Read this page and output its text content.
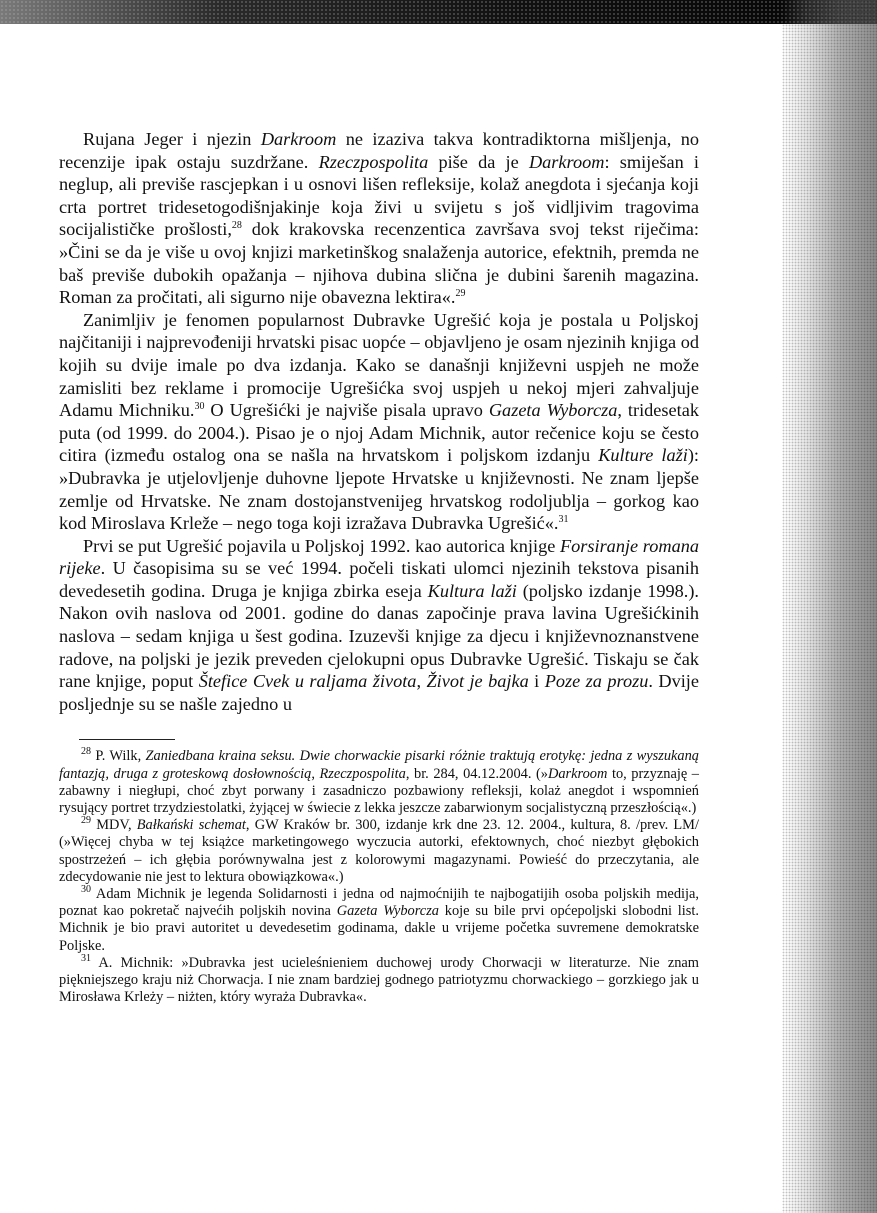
Rujana Jeger i njezin Darkroom ne izaziva takva kontradiktorna mišljenja, no recenzije ipak ostaju suzdržane. Rzeczpospolita piše da je Darkroom: smiješan i neglup, ali previše rascjepkan i u osnovi lišen refleksije, kolaž anegdota i sjećanja koji crta portret tridesetogodišnjakinje koja živi u svijetu s još vidljivim tragovima socijalističke prošlosti,$^{28}$ dok krakovska recenzentica završava svoj tekst riječima: »Čini se da je više u ovoj knjizi marketinškog snalaženja autorice, efektnih, premda ne baš previše dubokih opažanja – njihova dubina slična je dubini šarenih magazina. Roman za pročitati, ali sigurno nije obavezna lektira«.$^{29}$

Zanimljiv je fenomen popularnost Dubravke Ugrešić koja je postala u Poljskoj najčitaniji i najprevođeniji hrvatski pisac uopće – objavljeno je osam njezinih knjiga od kojih su dvije imale po dva izdanja. Kako se današnji književni uspjeh ne može zamisliti bez reklame i promocije Ugrešićka svoj uspjeh u nekoj mjeri zahvaljuje Adamu Michniku.$^{30}$ O Ugrešićki je najviše pisala upravo Gazeta Wyborcza, tridesetak puta (od 1999. do 2004.). Pisao je o njoj Adam Michnik, autor rečenice koju se često citira (između ostalog ona se našla na hrvatskom i poljskom izdanju Kulture laži): »Dubravka je utjelovljenje duhovne ljepote Hrvatske u književnosti. Ne znam ljepše zemlje od Hrvatske. Ne znam dostojanstvenijeg hrvatskog rodoljublja – gorkog kao kod Miroslava Krleže – nego toga koji izražava Dubravka Ugrešić«.$^{31}$

Prvi se put Ugrešić pojavila u Poljskoj 1992. kao autorica knjige Forsiranje romana rijeke. U časopisima su se već 1994. počeli tiskati ulomci njezinih tekstova pisanih devedesetih godina. Druga je knjiga zbirka eseja Kultura laži (poljsko izdanje 1998.). Nakon ovih naslova od 2001. godine do danas započinje prava lavina Ugrešićkinih naslova – sedam knjiga u šest godina. Izuzevši knjige za djecu i književnoznanstvene radove, na poljski je jezik preveden cjelokupni opus Dubravke Ugrešić. Tiskaju se čak rane knjige, poput Štefice Cvek u raljama života, Život je bajka i Poze za prozu. Dvije posljednje su se našle zajedno u

$^{28}$ P. Wilk, Zaniedbana kraina seksu. Dwie chorwackie pisarki różnie traktują erotykę: jedna z wyszukaną fantazją, druga z groteskową dosłownością, Rzeczpospolita, br. 284, 04.12.2004. (»Darkroom to, przyznaję – zabawny i niegłupi, choć zbyt porwany i zasadniczo pozbawiony refleksji, kolaż anegdot i wspomnień rysujący portret trzydziestolatki, żyjącej w świecie z lekka jeszcze zabarwionym socjalistyczną przeszłością«.)

$^{29}$ MDV, Bałkański schemat, GW Kraków br. 300, izdanje krk dne 23. 12. 2004., kultura, 8. /prev. LM/ (»Więcej chyba w tej książce marketingowego wyczucia autorki, efektownych, choć niezbyt głębokich spostrzeżeń – ich głębia porównywalna jest z kolorowymi magazynami. Powieść do przeczytania, ale zdecydowanie nie jest to lektura obowiązkowa«.)

$^{30}$ Adam Michnik je legenda Solidarnosti i jedna od najmoćnijih te najbogatijih osoba poljskih medija, poznat kao pokretač najvećih poljskih novina Gazeta Wyborcza koje su bile prvi općepoljski slobodni list. Michnik je bio pravi autoritet u devedesetim godinama, dakle u vrijeme početka suvremene demokratske Poljske.

$^{31}$ A. Michnik: »Dubravka jest ucieleśnieniem duchowej urody Chorwacji w literaturze. Nie znam piękniejszego kraju niż Chorwacja. I nie znam bardziej godnego patriotyzmu chorwackiego – gorzkiego jak u Mirosława Krleży – niżten, który wyraża Dubravka«.
